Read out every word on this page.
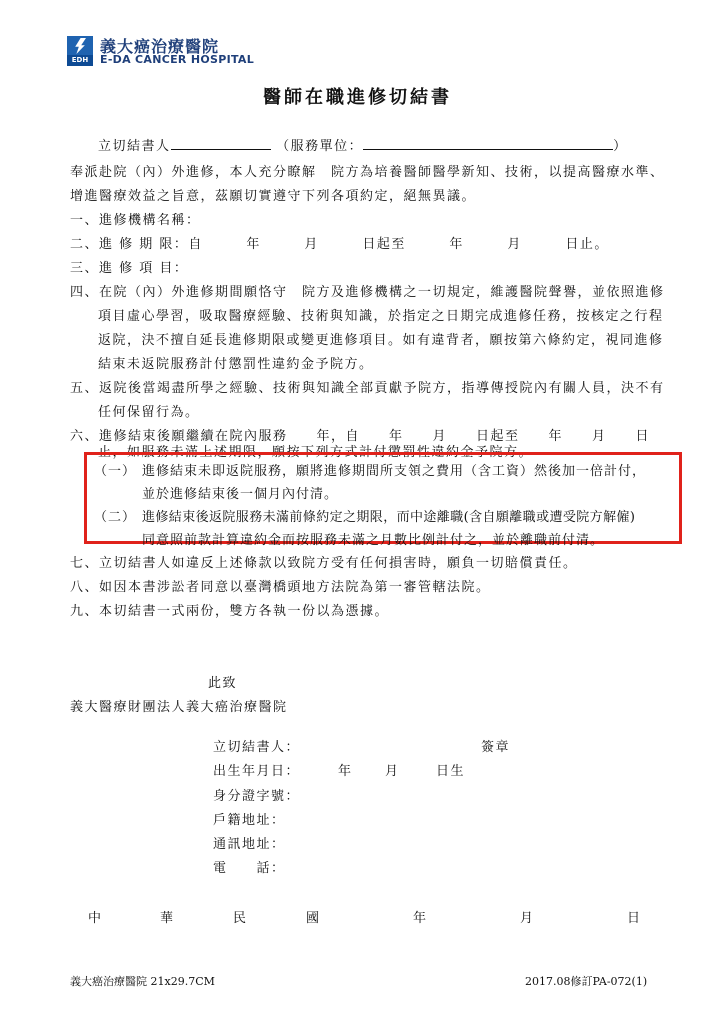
EDH
義大癌治療醫院
E-DA CANCER HOSPITAL
醫師在職進修切結書
立切結書人	（服務單位：	）
奉派赴院（內）外進修，本人充分瞭解　院方為培養醫師醫學新知、技術，以提高醫療水準、
增進醫療效益之旨意，茲願切實遵守下列各項約定，絕無異議。
一、進修機構名稱：
二、進 修 期 限：自　　　年　　　月　　　日起至　　　年　　　月　　　日止。
三、進 修 項 目：
四、在院（內）外進修期間願恪守　院方及進修機構之一切規定，維護醫院聲譽，並依照進修
項目虛心學習，吸取醫療經驗、技術與知識，於指定之日期完成進修任務，按核定之行程
返院，決不擅自延長進修期限或變更進修項目。如有違背者，願按第六條約定，視同進修
結束未返院服務計付懲罰性違約金予院方。
五、返院後當竭盡所學之經驗、技術與知識全部貢獻予院方，指導傳授院內有關人員，決不有
任何保留行為。
六、進修結束後願繼續在院內服務　　年，自　　年　　月　　日起至　　年　　月　　日
止，如服務未滿上述期限，願按下列方式計付懲罰性違約金予院方。
（一） 進修結束未即返院服務，願將進修期間所支領之費用（含工資）然後加一倍計付，
並於進修結束後一個月內付清。
（二） 進修結束後返院服務未滿前條約定之期限，而中途離職(含自願離職或遭受院方解僱)
同意照前款計算違約金而按服務未滿之月數比例計付之，並於離職前付清。
七、立切結書人如違反上述條款以致院方受有任何損害時，願負一切賠償責任。
八、如因本書涉訟者同意以臺灣橋頭地方法院為第一審管轄法院。
九、本切結書一式兩份，雙方各執一份以為憑據。
此致
義大醫療財團法人義大癌治療醫院
立切結書人：	簽章
出生年月日：	年 月	日生
身分證字號：
戶籍地址：
通訊地址：
電　　話：
中	華	民	國	年	月	日
義大癌治療醫院 21x29.7CM	2017.08修訂PA-072(1)
